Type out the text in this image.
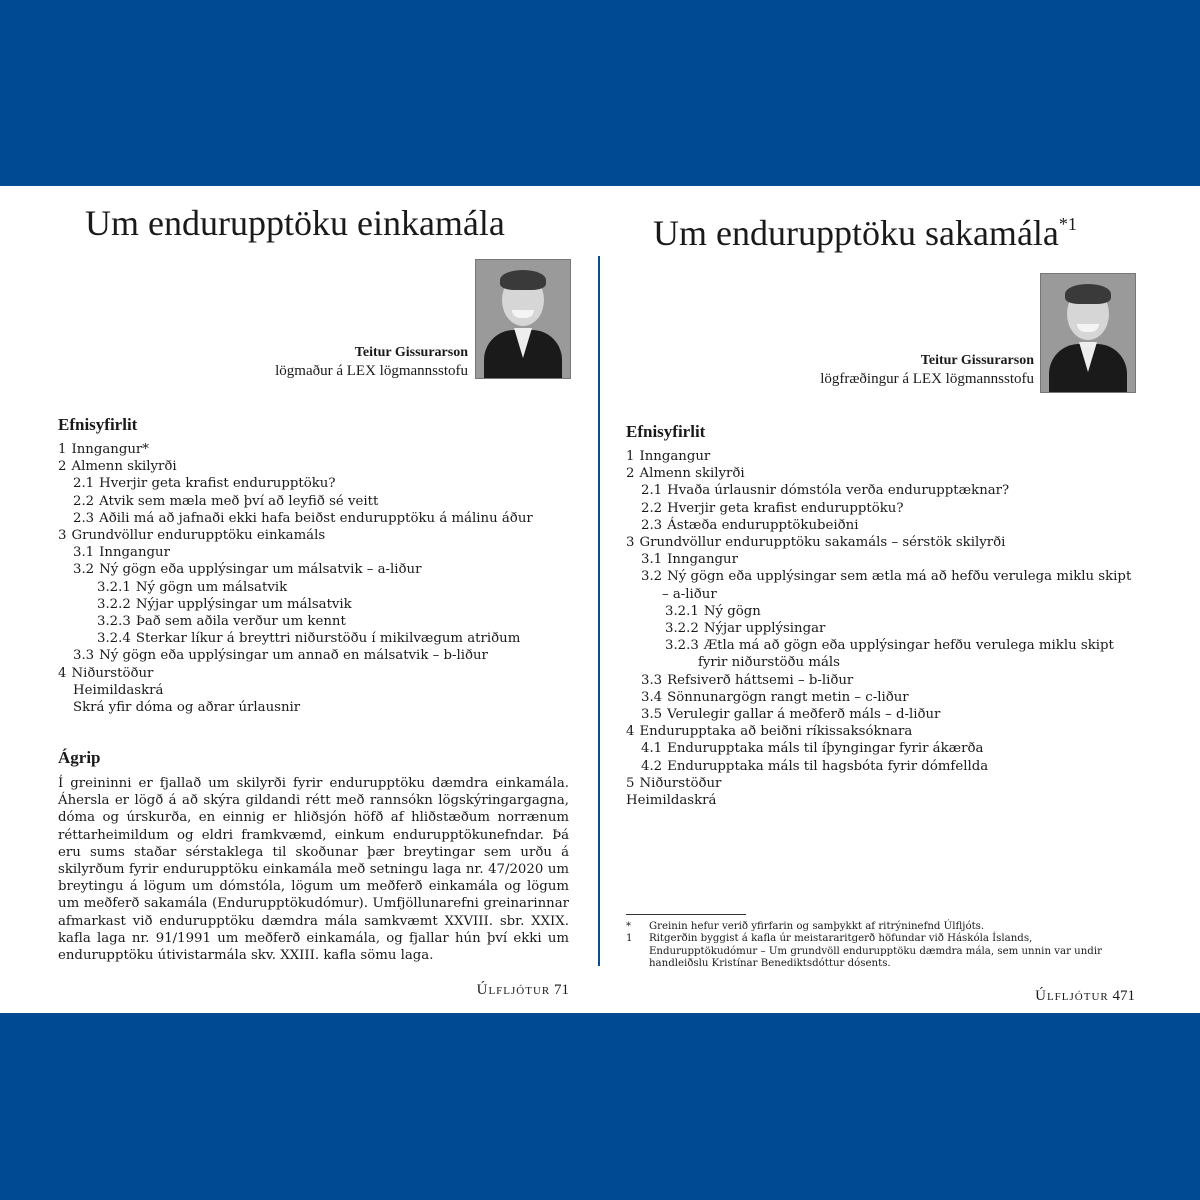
Um endurupptöku einkamála
Teitur Gissurarson
lögmaður á LEX lögmannsstofu
Efnisyfirlit
1 Inngangur*
2 Almenn skilyrði
2.1 Hverjir geta krafist endurupptöku?
2.2 Atvik sem mæla með því að leyfið sé veitt
2.3 Aðili má að jafnaði ekki hafa beiðst endurupptöku á málinu áður
3 Grundvöllur endurupptöku einkamáls
3.1 Inngangur
3.2 Ný gögn eða upplýsingar um málsatvik – a-liður
3.2.1 Ný gögn um málsatvik
3.2.2 Nýjar upplýsingar um málsatvik
3.2.3 Það sem aðila verður um kennt
3.2.4 Sterkar líkur á breyttri niðurstöðu í mikilvægum atriðum
3.3 Ný gögn eða upplýsingar um annað en málsatvik – b-liður
4 Niðurstöður
Heimildaskrá
Skrá yfir dóma og aðrar úrlausnir
Ágrip

Í greininni er fjallað um skilyrði fyrir endurupptöku dæmdra einkamála. Áhersla er lögð á að skýra gildandi rétt með rannsókn lögskýringargagna, dóma og úrskurða, en einnig er hliðsjón höfð af hliðstæðum norrænum réttarheimildum og eldri framkvæmd, einkum endurupptökunefndar. Þá eru sums staðar sérstaklega til skoðunar þær breytingar sem urðu á skilyrðum fyrir endurupptöku einkamála með setningu laga nr. 47/2020 um breytingu á lögum um dómstóla, lögum um meðferð einkamála og lögum um meðferð sakamála (Endurupptökudómur). Umfjöllunarefni greinarinnar afmarkast við endurupptöku dæmdra mála samkvæmt XXVIII. sbr. XXIX. kafla laga nr. 91/1991 um meðferð einkamála, og fjallar hún því ekki um endurupptöku útivistarmála skv. XXIII. kafla sömu laga.

Úlfljótur 71
Um endurupptöku sakamála$^{*1}$
Teitur Gissurarson
lögfræðingur á LEX lögmannsstofu
Efnisyfirlit
1 Inngangur
2 Almenn skilyrði
2.1 Hvaða úrlausnir dómstóla verða endurupptæknar?
2.2 Hverjir geta krafist endurupptöku?
2.3 Ástæða endurupptökubeiðni
3 Grundvöllur endurupptöku sakamáls – sérstök skilyrði
3.1 Inngangur
3.2 Ný gögn eða upplýsingar sem ætla má að hefðu verulega miklu skipt – a-liður
3.2.1 Ný gögn
3.2.2 Nýjar upplýsingar
3.2.3 Ætla má að gögn eða upplýsingar hefðu verulega miklu skipt fyrir niðurstöðu máls
3.3 Refsiverð háttsemi – b-liður
3.4 Sönnunargögn rangt metin – c-liður
3.5 Verulegir gallar á meðferð máls – d-liður
4 Endurupptaka að beiðni ríkissaksóknara
4.1 Endurupptaka máls til íþyngingar fyrir ákærða
4.2 Endurupptaka máls til hagsbóta fyrir dómfellda
5 Niðurstöður
Heimildaskrá
* Greinin hefur verið yfirfarin og samþykkt af ritrýninefnd Úlfljóts.
1 Ritgerðin byggist á kafla úr meistararitgerð höfundar við Háskóla Íslands, Endurupptökudómur – Um grundvöll endurupptöku dæmdra mála, sem unnin var undir handleiðslu Kristínar Benediktsdóttur dósents.
Úlfljótur 471
